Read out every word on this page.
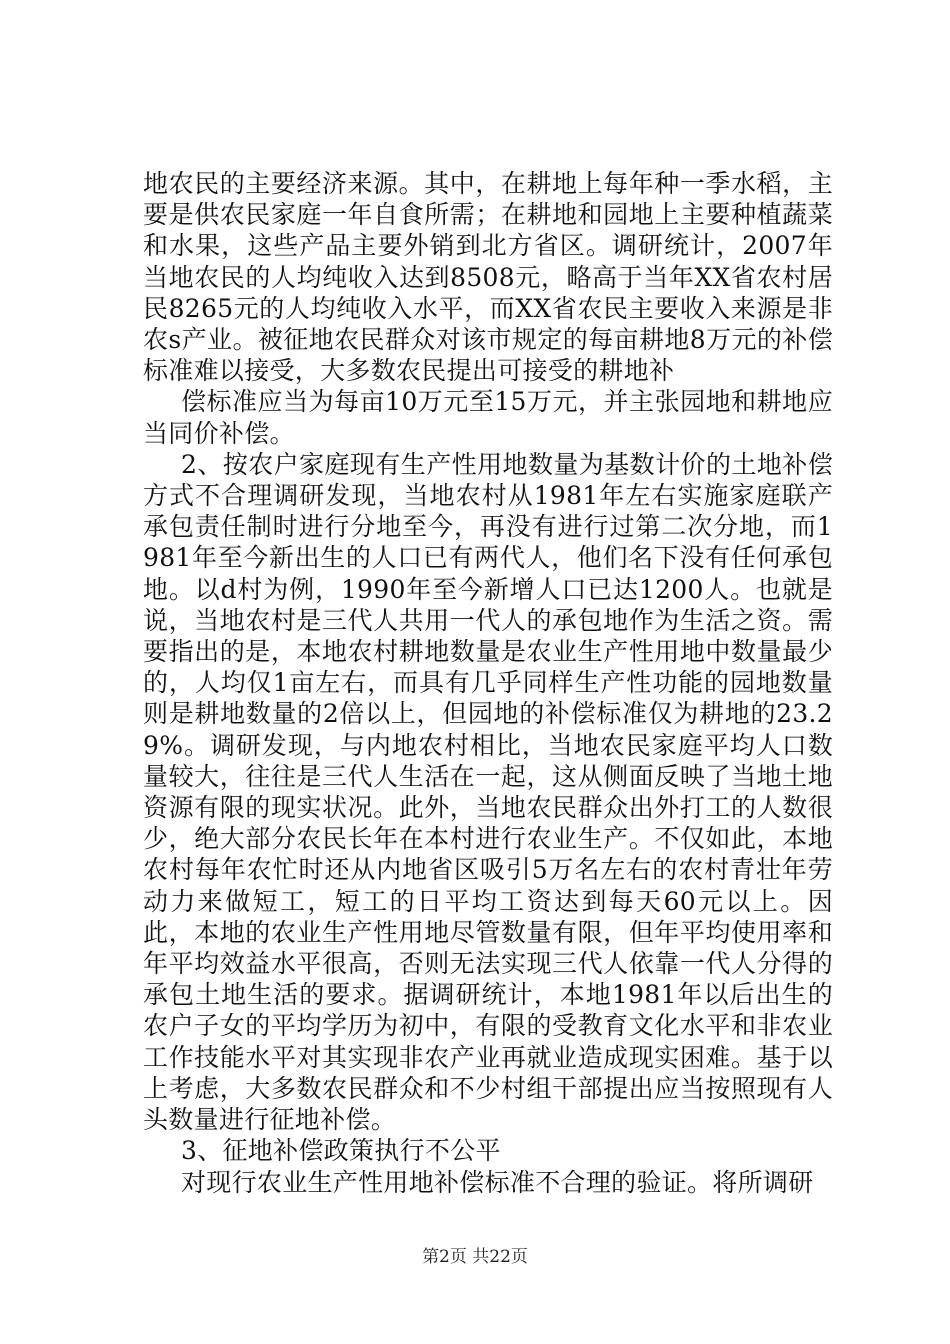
地农民的主要经济来源。其中，在耕地上每年种一季水稻，主要是供农民家庭一年自食所需；在耕地和园地上主要种植蔬菜和水果，这些产品主要外销到北方省区。调研统计，2007年当地农民的人均纯收入达到8508元，略高于当年XX省农村居民8265元的人均纯收入水平，而XX省农民主要收入来源是非农s产业。被征地农民群众对该市规定的每亩耕地8万元的补偿标准难以接受，大多数农民提出可接受的耕地补

偿标准应当为每亩10万元至15万元，并主张园地和耕地应当同价补偿。

2、按农户家庭现有生产性用地数量为基数计价的土地补偿方式不合理调研发现，当地农村从1981年左右实施家庭联产承包责任制时进行分地至今，再没有进行过第二次分地，而1981年至今新出生的人口已有两代人，他们名下没有任何承包地。以d村为例，1990年至今新增人口已达1200人。也就是说，当地农村是三代人共用一代人的承包地作为生活之资。需要指出的是，本地农村耕地数量是农业生产性用地中数量最少的，人均仅1亩左右，而具有几乎同样生产性功能的园地数量则是耕地数量的2倍以上，但园地的补偿标准仅为耕地的23.29%。调研发现，与内地农村相比，当地农民家庭平均人口数量较大，往往是三代人生活在一起，这从侧面反映了当地土地资源有限的现实状况。此外，当地农民群众出外打工的人数很少，绝大部分农民长年在本村进行农业生产。不仅如此，本地农村每年农忙时还从内地省区吸引5万名左右的农村青壮年劳动力来做短工，短工的日平均工资达到每天60元以上。因此，本地的农业生产性用地尽管数量有限，但年平均使用率和年平均效益水平很高，否则无法实现三代人依靠一代人分得的承包土地生活的要求。据调研统计，本地1981年以后出生的农户子女的平均学历为初中，有限的受教育文化水平和非农业工作技能水平对其实现非农产业再就业造成现实困难。基于以上考虑，大多数农民群众和不少村组干部提出应当按照现有人头数量进行征地补偿。

3、征地补偿政策执行不公平

对现行农业生产性用地补偿标准不合理的验证。将所调研

第2页 共22页
